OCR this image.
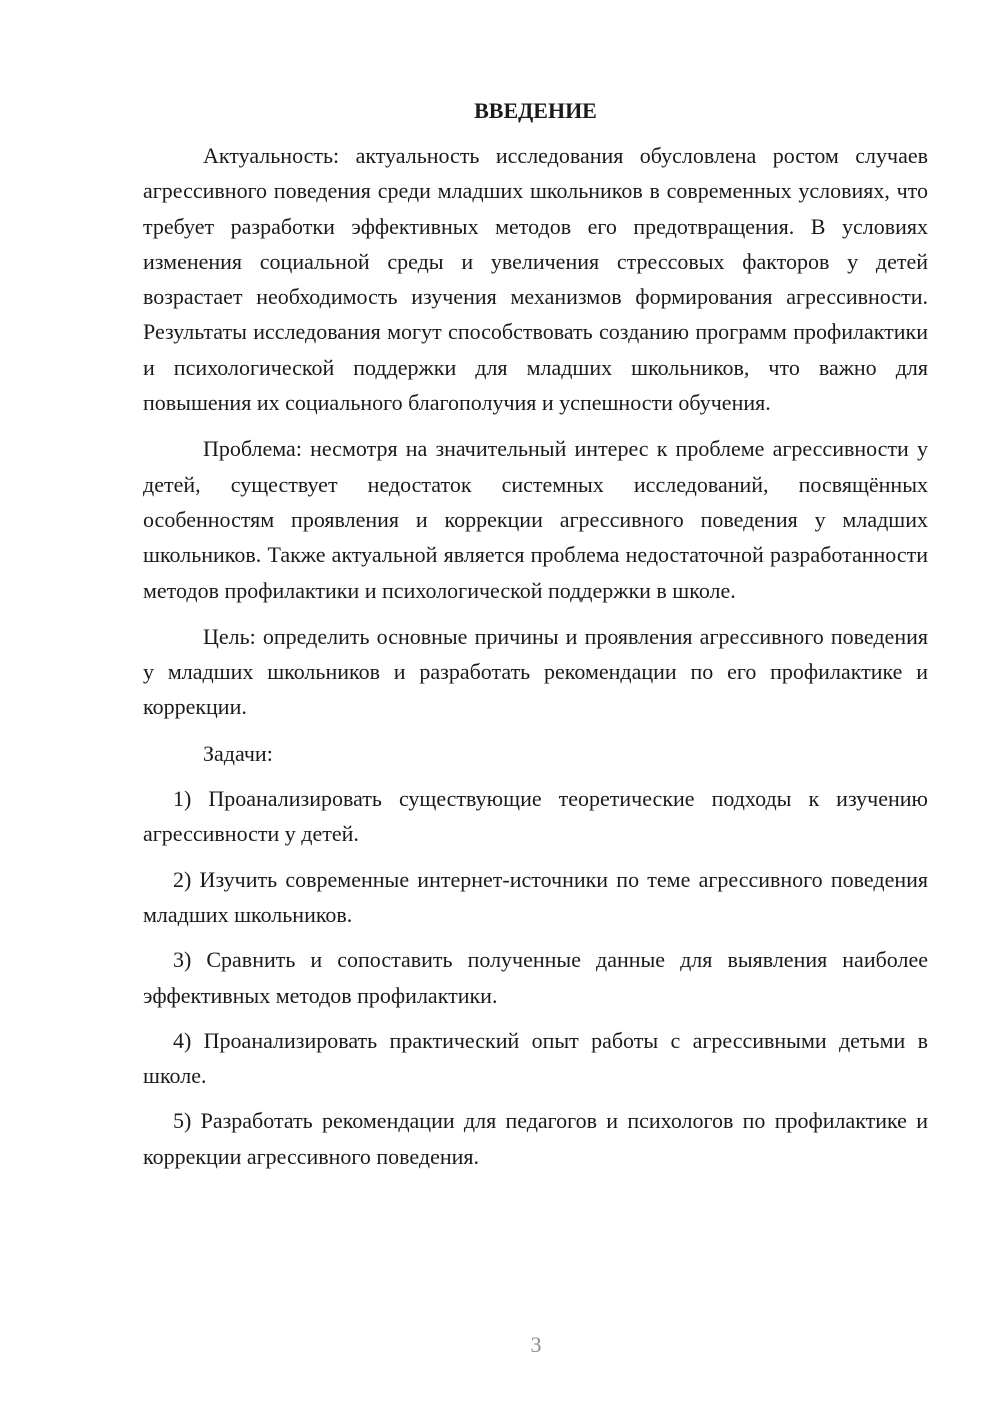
ВВЕДЕНИЕ

Актуальность: актуальность исследования обусловлена ростом случаев агрессивного поведения среди младших школьников в современных условиях, что требует разработки эффективных методов его предотвращения. В условиях изменения социальной среды и увеличения стрессовых факторов у детей возрастает необходимость изучения механизмов формирования агрессивности. Результаты исследования могут способствовать созданию программ профилактики и психологической поддержки для младших школьников, что важно для повышения их социального благополучия и успешности обучения.

Проблема: несмотря на значительный интерес к проблеме агрессивности у детей, существует недостаток системных исследований, посвящённых особенностям проявления и коррекции агрессивного поведения у младших школьников. Также актуальной является проблема недостаточной разработанности методов профилактики и психологической поддержки в школе.

Цель: определить основные причины и проявления агрессивного поведения у младших школьников и разработать рекомендации по его профилактике и коррекции.

Задачи:

1) Проанализировать существующие теоретические подходы к изучению агрессивности у детей.

2) Изучить современные интернет-источники по теме агрессивного поведения младших школьников.

3) Сравнить и сопоставить полученные данные для выявления наиболее эффективных методов профилактики.

4) Проанализировать практический опыт работы с агрессивными детьми в школе.

5) Разработать рекомендации для педагогов и психологов по профилактике и коррекции агрессивного поведения.

3
